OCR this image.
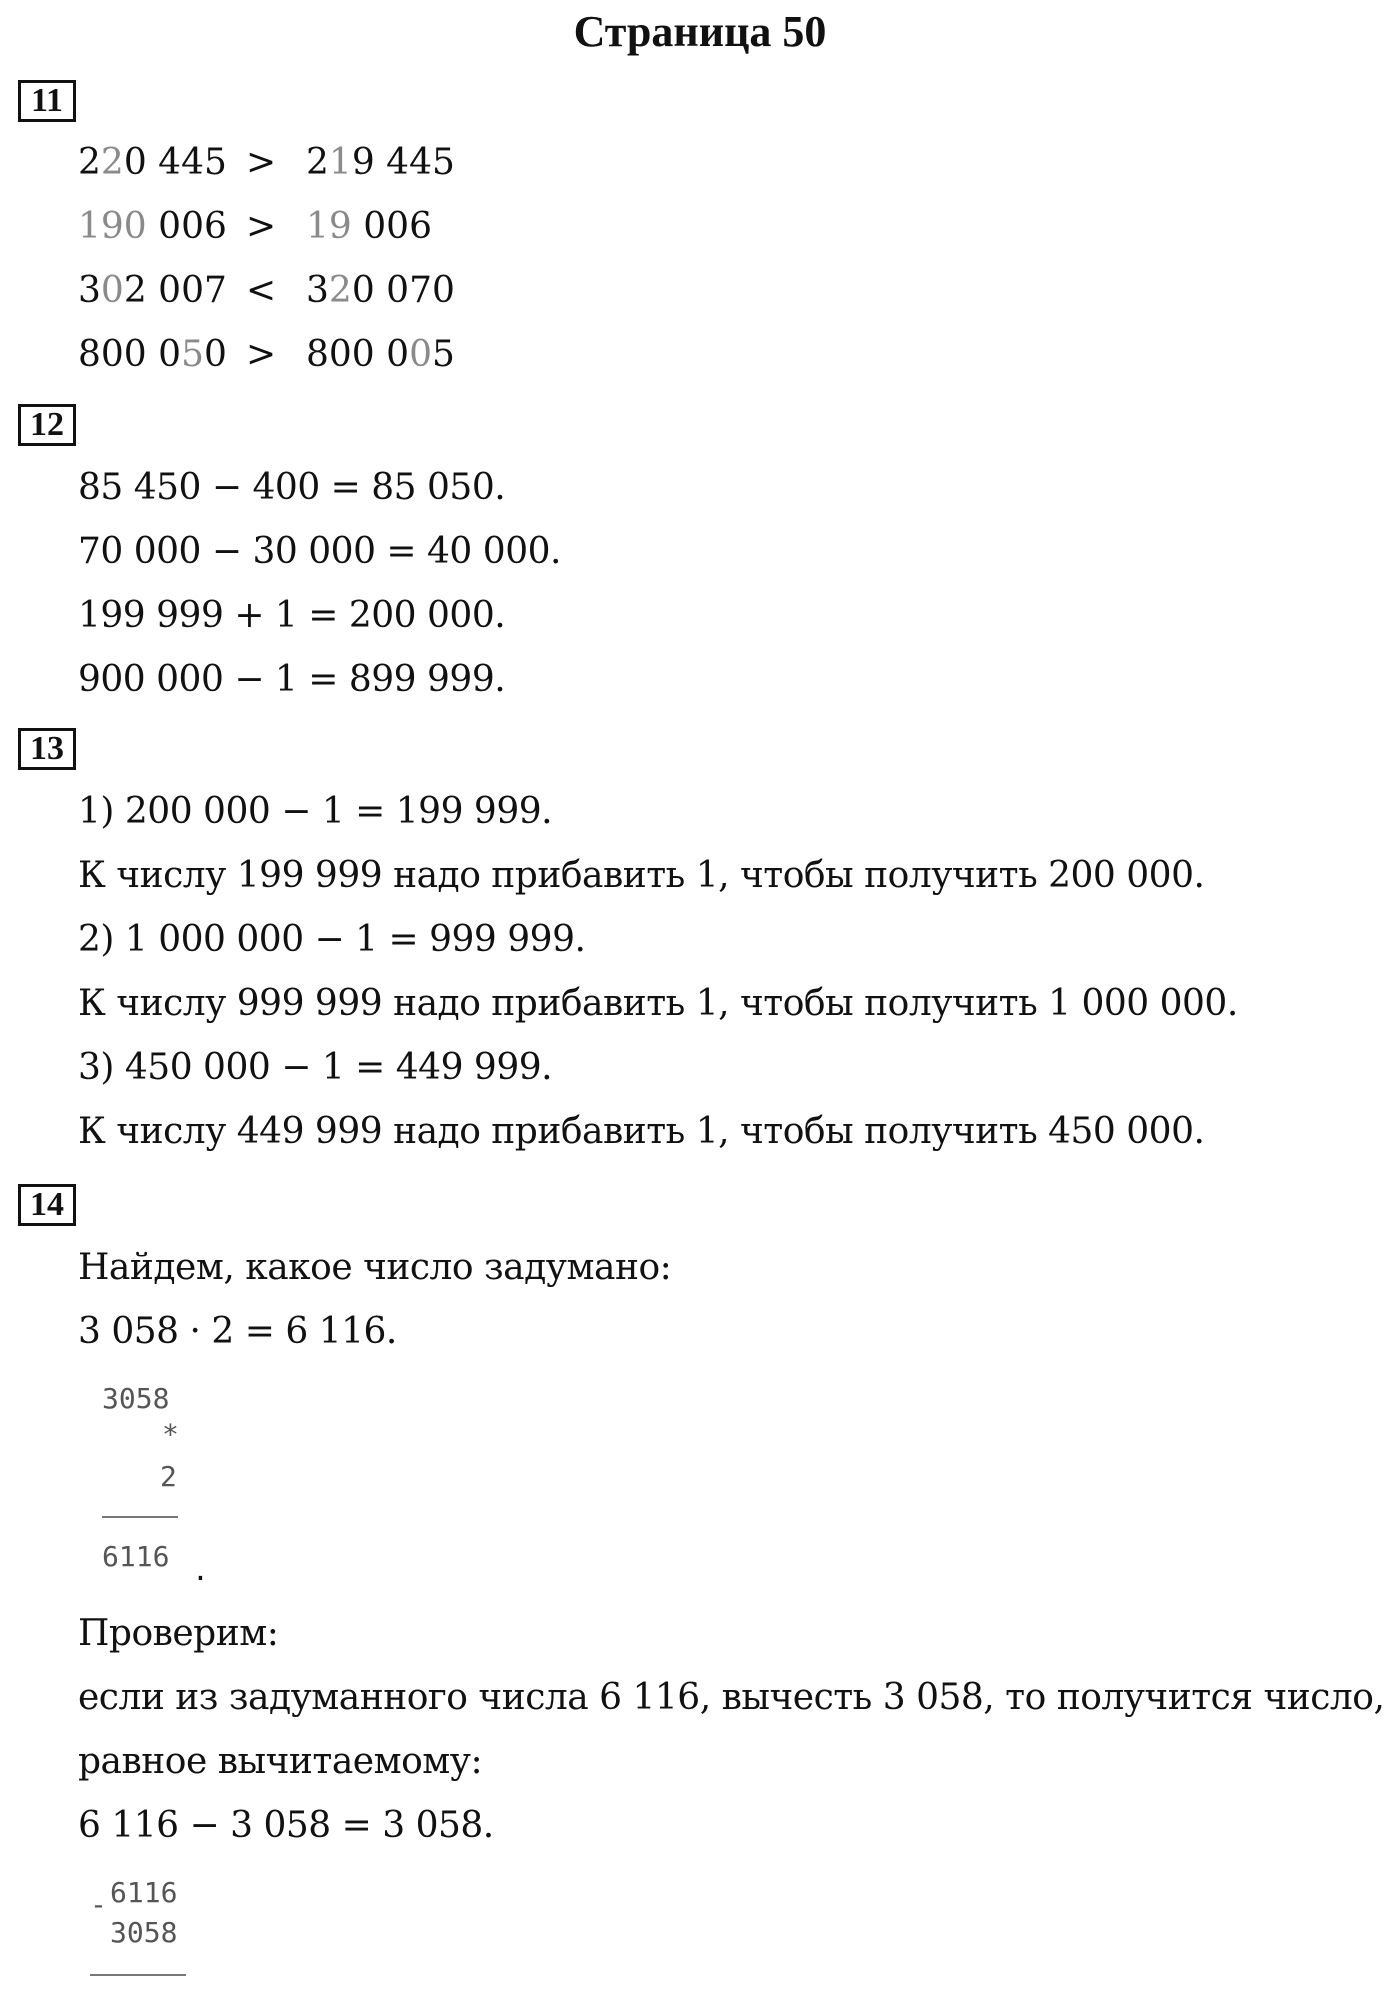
Страница 50
11
220 445 > 219 445
190 006 > 19 006
302 007 < 320 070
800 050 > 800 005
12
85 450 − 400 = 85 050.
70 000 − 30 000 = 40 000.
199 999 + 1 = 200 000.
900 000 − 1 = 899 999.
13
1) 200 000 − 1 = 199 999.
К числу 199 999 надо прибавить 1, чтобы получить 200 000.
2) 1 000 000 − 1 = 999 999.
К числу 999 999 надо прибавить 1, чтобы получить 1 000 000.
3) 450 000 − 1 = 449 999.
К числу 449 999 надо прибавить 1, чтобы получить 450 000.
14
Найдем, какое число задумано:
3 058 · 2 = 6 116.
3058
*
2
6116 .
Проверим:
если из задуманного числа 6 116, вычесть 3 058, то получится число,
равное вычитаемому:
6 116 − 3 058 = 3 058.
- 6116
3058
